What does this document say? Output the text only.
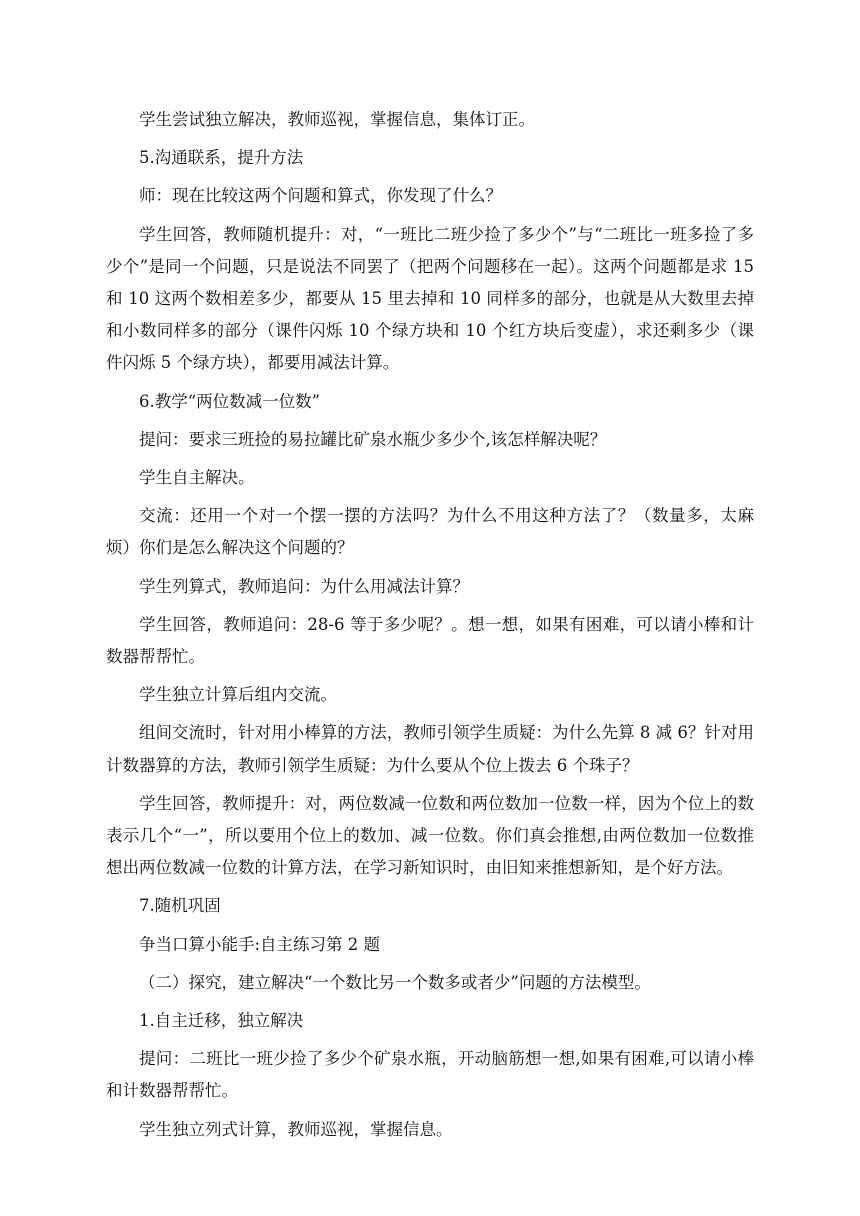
学生尝试独立解决，教师巡视，掌握信息，集体订正。

5.沟通联系，提升方法

师：现在比较这两个问题和算式，你发现了什么？

学生回答，教师随机提升：对，“一班比二班少捡了多少个”与“二班比一班多捡了多少个”是同一个问题，只是说法不同罢了（把两个问题移在一起）。这两个问题都是求 15 和 10 这两个数相差多少，都要从 15 里去掉和 10 同样多的部分，也就是从大数里去掉和小数同样多的部分（课件闪烁 10 个绿方块和 10 个红方块后变虚），求还剩多少（课件闪烁 5 个绿方块），都要用减法计算。

6.教学“两位数减一位数”

提问：要求三班捡的易拉罐比矿泉水瓶少多少个,该怎样解决呢？

学生自主解决。

交流：还用一个对一个摆一摆的方法吗？为什么不用这种方法了？（数量多，太麻烦）你们是怎么解决这个问题的？

学生列算式，教师追问：为什么用减法计算？

学生回答，教师追问：28-6 等于多少呢？。想一想，如果有困难，可以请小棒和计数器帮帮忙。

学生独立计算后组内交流。

组间交流时，针对用小棒算的方法，教师引领学生质疑：为什么先算 8 减 6？针对用计数器算的方法，教师引领学生质疑：为什么要从个位上拨去 6 个珠子？

学生回答，教师提升：对，两位数减一位数和两位数加一位数一样，因为个位上的数表示几个“一”，所以要用个位上的数加、减一位数。你们真会推想,由两位数加一位数推想出两位数减一位数的计算方法，在学习新知识时，由旧知来推想新知，是个好方法。

7.随机巩固

争当口算小能手:自主练习第 2 题

（二）探究，建立解决“一个数比另一个数多或者少”问题的方法模型。

1.自主迁移，独立解决

提问：二班比一班少捡了多少个矿泉水瓶，开动脑筋想一想,如果有困难,可以请小棒和计数器帮帮忙。

学生独立列式计算，教师巡视，掌握信息。
